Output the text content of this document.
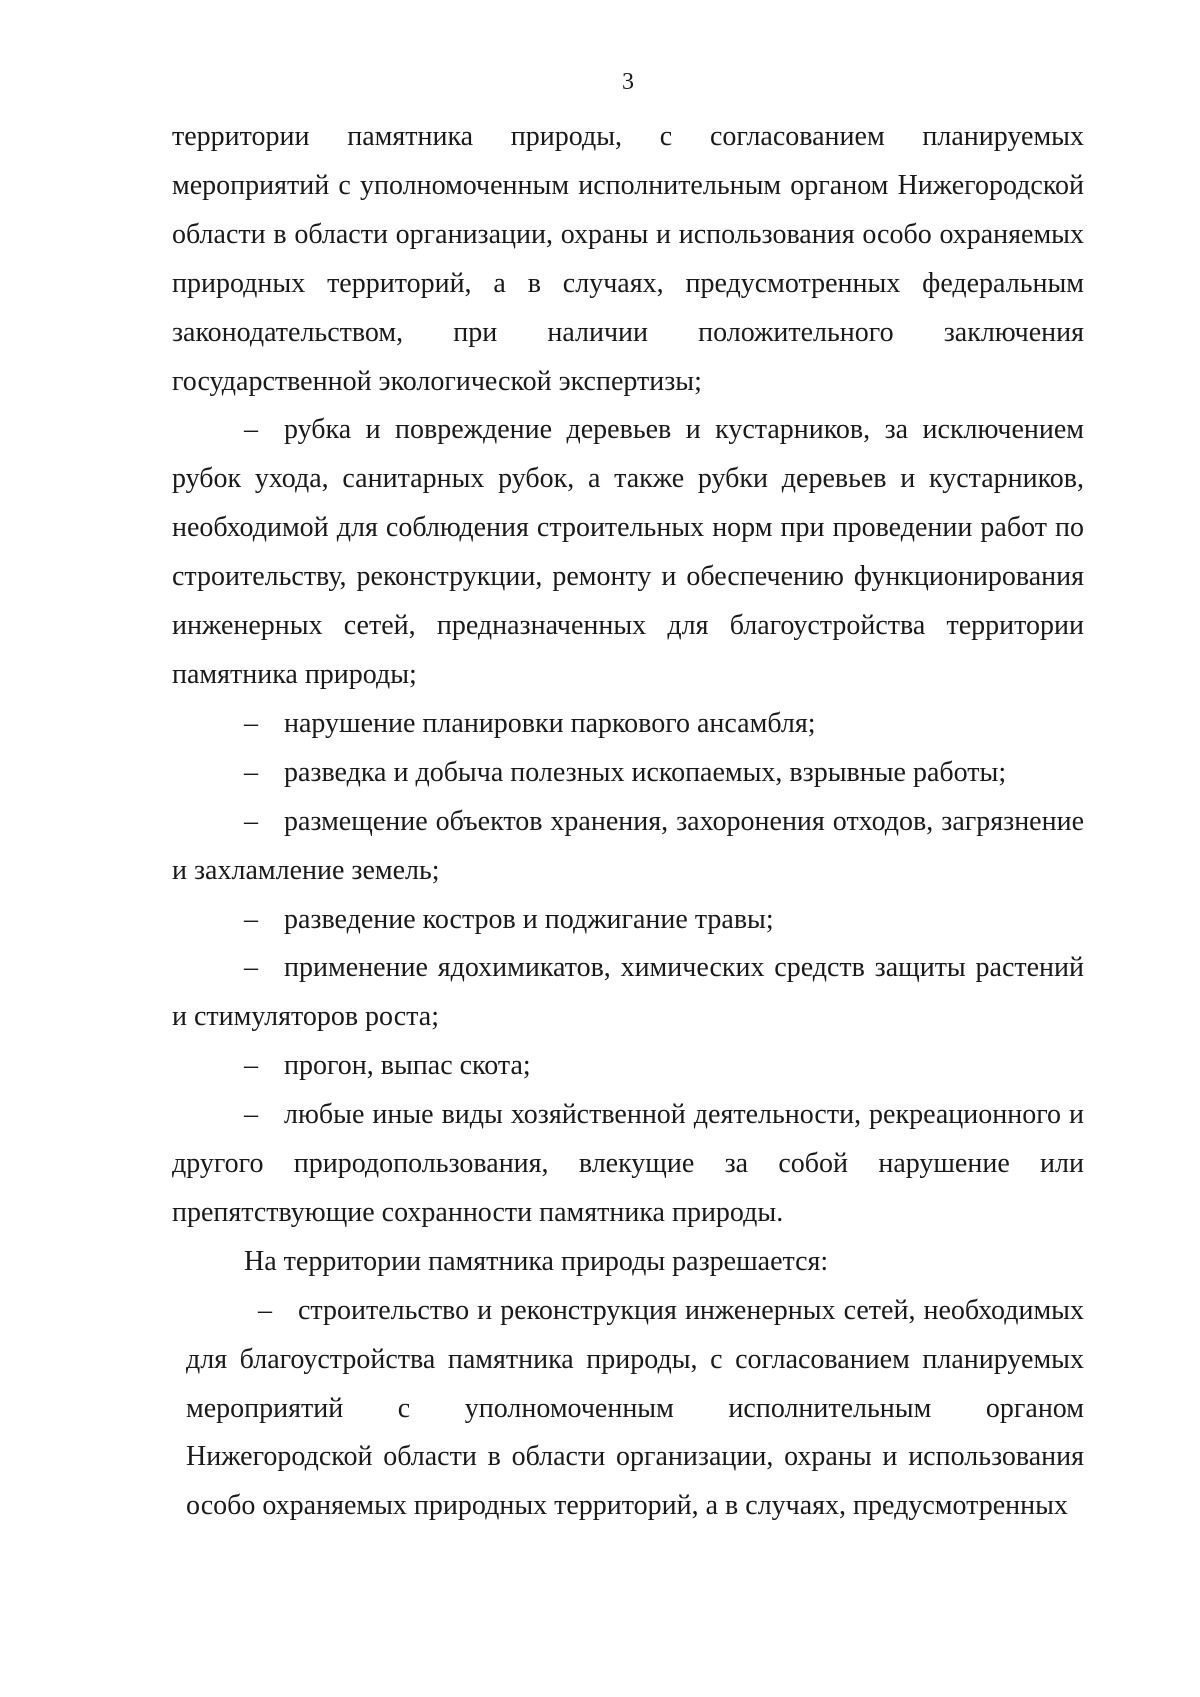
3

территории памятника природы, с согласованием планируемых мероприятий с уполномоченным исполнительным органом Нижегородской области в области организации, охраны и использования особо охраняемых природных территорий, а в случаях, предусмотренных федеральным законодательством, при наличии положительного заключения государственной экологической экспертизы;

– рубка и повреждение деревьев и кустарников, за исключением рубок ухода, санитарных рубок, а также рубки деревьев и кустарников, необходимой для соблюдения строительных норм при проведении работ по строительству, реконструкции, ремонту и обеспечению функционирования инженерных сетей, предназначенных для благоустройства территории памятника природы;

– нарушение планировки паркового ансамбля;

– разведка и добыча полезных ископаемых, взрывные работы;

– размещение объектов хранения, захоронения отходов, загрязнение и захламление земель;

– разведение костров и поджигание травы;

– применение ядохимикатов, химических средств защиты растений и стимуляторов роста;

– прогон, выпас скота;

– любые иные виды хозяйственной деятельности, рекреационного и другого природопользования, влекущие за собой нарушение или препятствующие сохранности памятника природы.

На территории памятника природы разрешается:

– строительство и реконструкция инженерных сетей, необходимых для благоустройства памятника природы, с согласованием планируемых мероприятий с уполномоченным исполнительным органом Нижегородской области в области организации, охраны и использования особо охраняемых природных территорий, а в случаях, предусмотренных
